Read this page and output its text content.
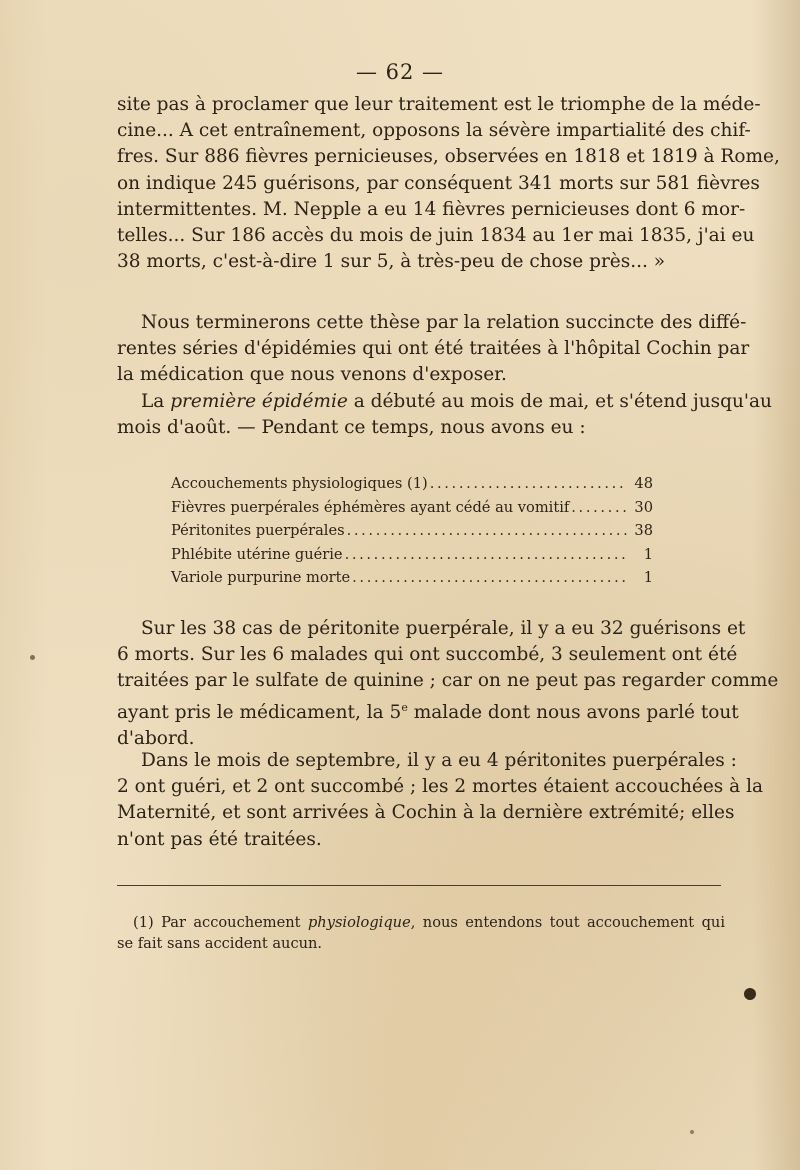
— 62 —
site pas à proclamer que leur traitement est le triomphe de la méde-
cine... A cet entraînement, opposons la sévère impartialité des chif-
fres. Sur 886 fièvres pernicieuses, observées en 1818 et 1819 à Rome,
on indique 245 guérisons, par conséquent 341 morts sur 581 fièvres
intermittentes. M. Nepple a eu 14 fièvres pernicieuses dont 6 mor-
telles... Sur 186 accès du mois de juin 1834 au 1er mai 1835, j'ai eu
38 morts, c'est-à-dire 1 sur 5, à très-peu de chose près... »
Nous terminerons cette thèse par la relation succincte des diffé-
rentes séries d'épidémies qui ont été traitées à l'hôpital Cochin par
la médication que nous venons d'exposer.
La première épidémie a débuté au mois de mai, et s'étend jusqu'au
mois d'août. — Pendant ce temps, nous avons eu :
Accouchements physiologiques (1) . . .	48
Fièvres puerpérales éphémères ayant cédé au vomitif . . .	30
Péritonites puerpérales . . .	38
Phlébite utérine guérie . . .	1
Variole purpurine morte . . .	1
Sur les 38 cas de péritonite puerpérale, il y a eu 32 guérisons et
6 morts. Sur les 6 malades qui ont succombé, 3 seulement ont été
traitées par le sulfate de quinine ; car on ne peut pas regarder comme
ayant pris le médicament, la 5e malade dont nous avons parlé tout
d'abord.
Dans le mois de septembre, il y a eu 4 péritonites puerpérales :
2 ont guéri, et 2 ont succombé ; les 2 mortes étaient accouchées à la
Maternité, et sont arrivées à Cochin à la dernière extrémité; elles
n'ont pas été traitées.
(1) Par accouchement physiologique, nous entendons tout accouchement qui
se fait sans accident aucun.
